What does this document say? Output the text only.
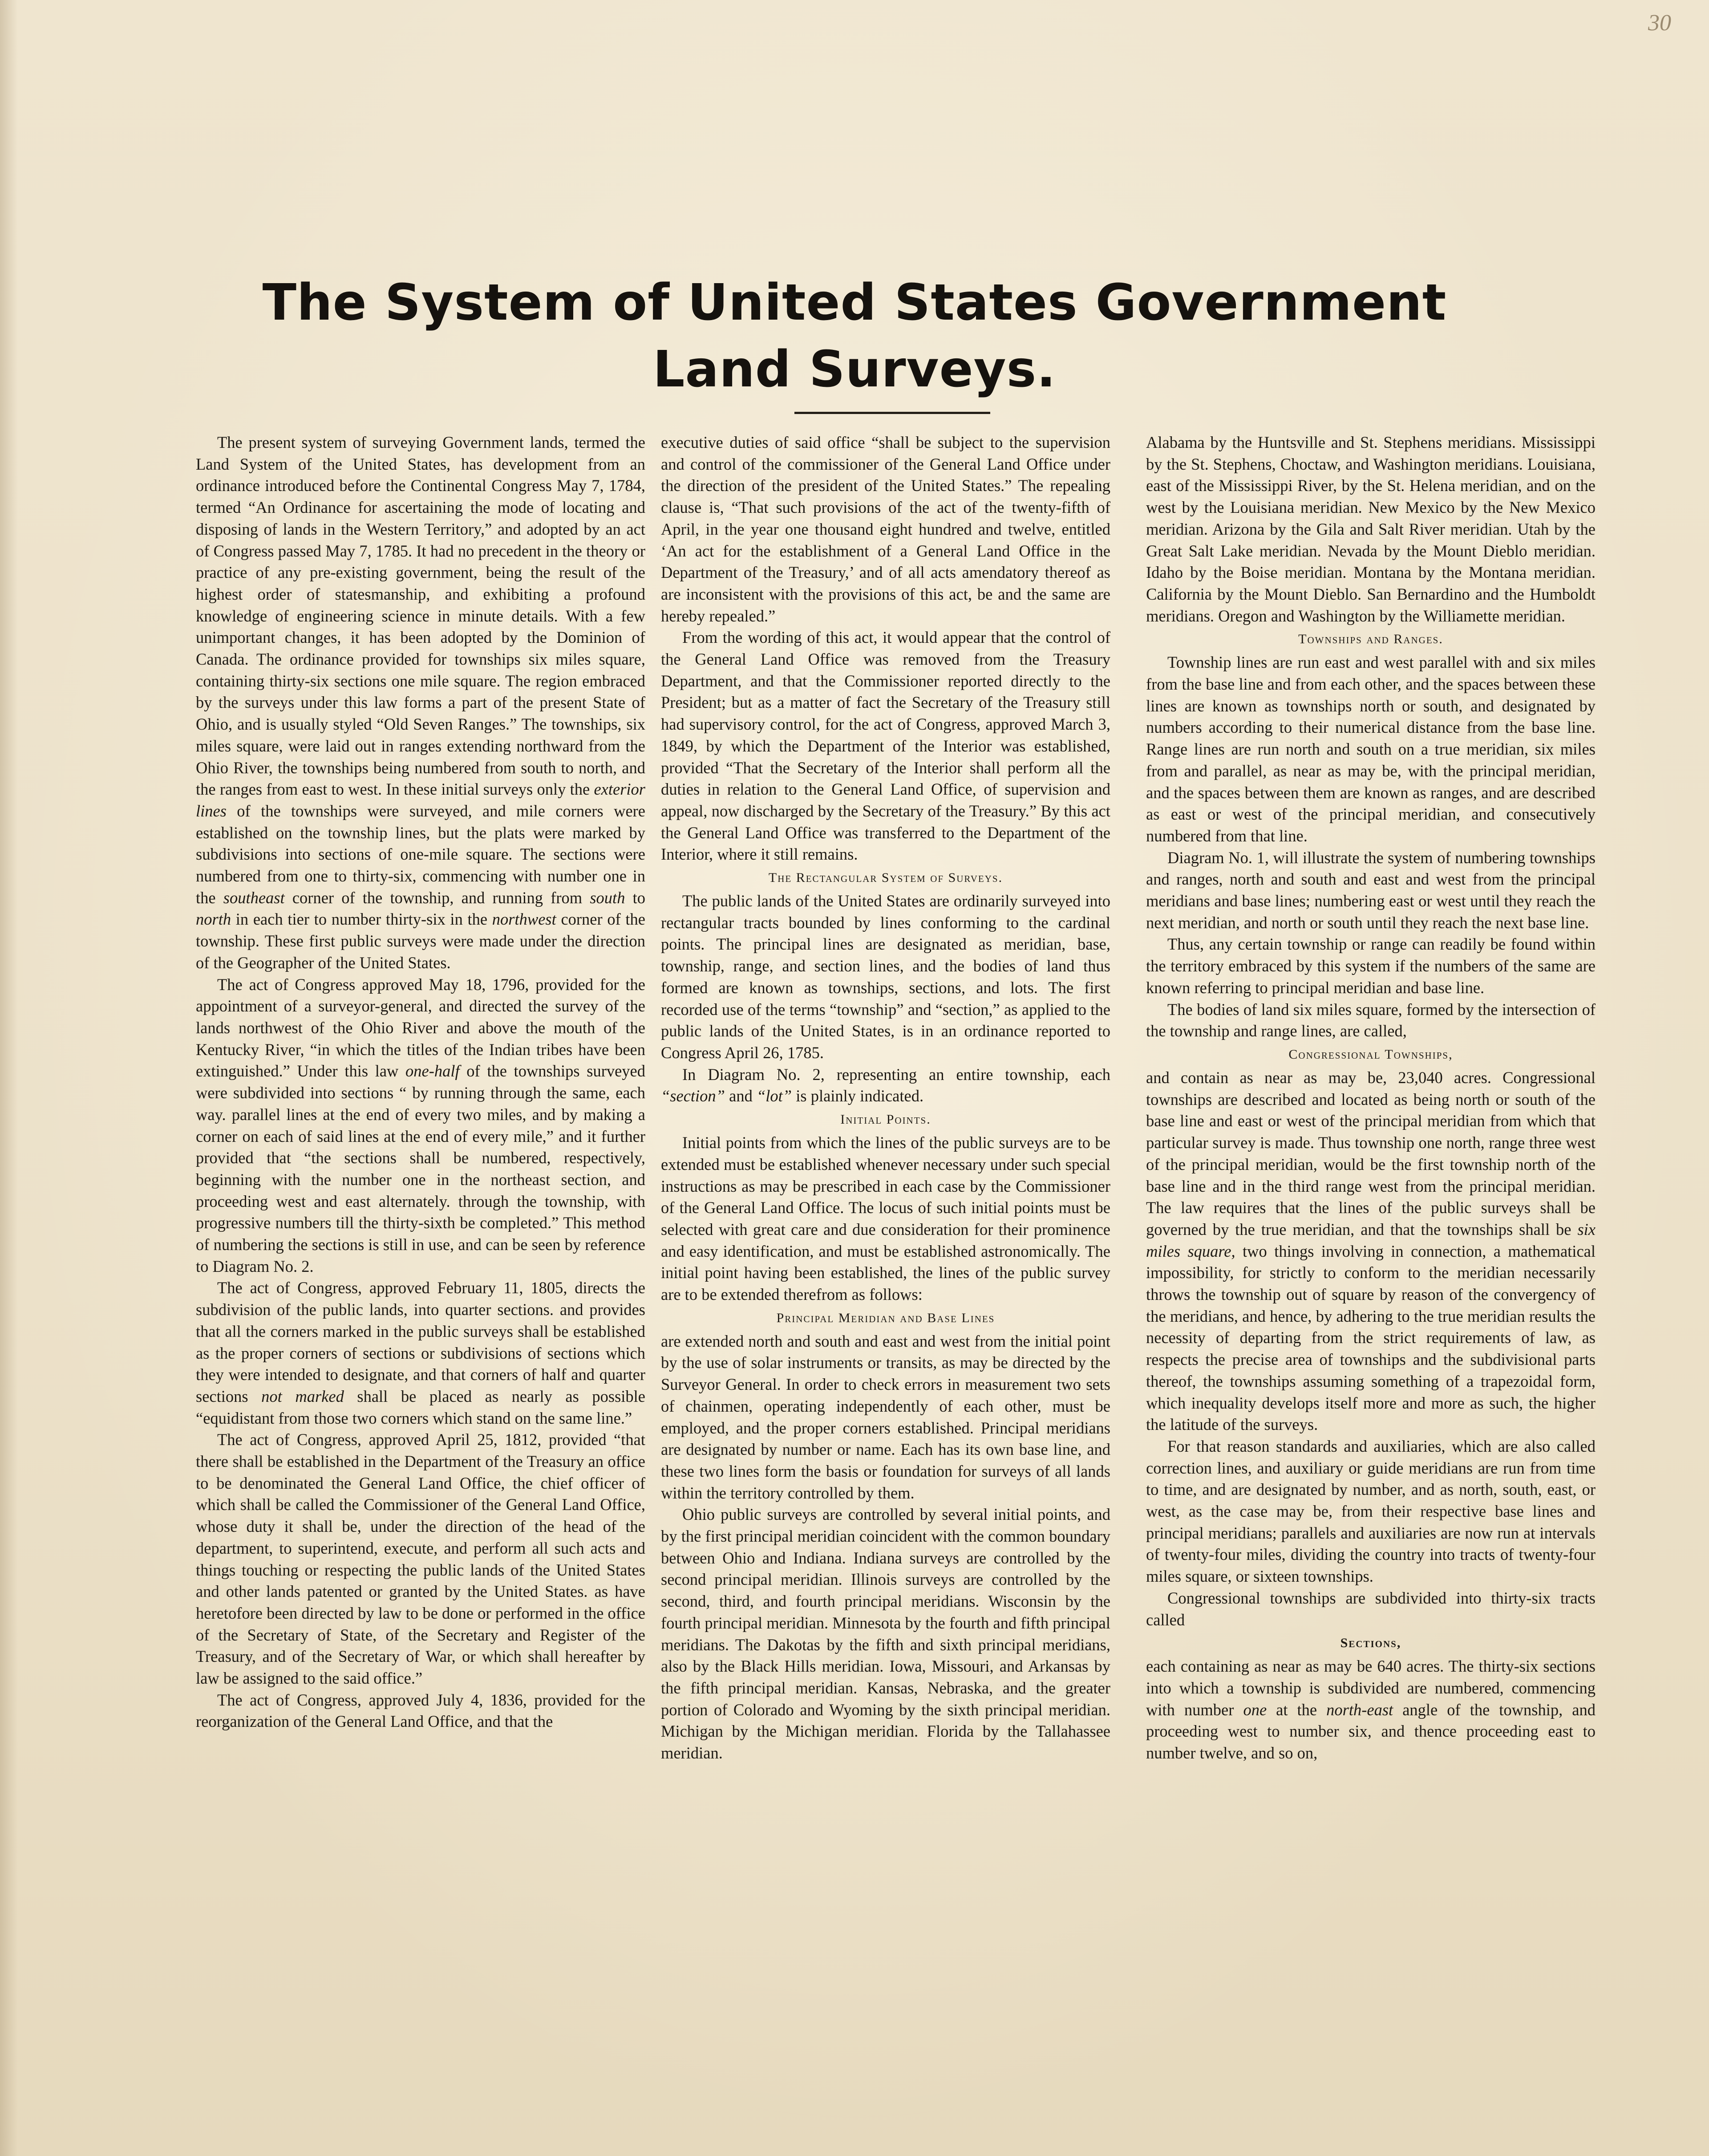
30
The System of United States Government
Land Surveys.

The present system of surveying Government lands, termed the Land System of the United States, has development from an ordinance introduced before the Continental Congress May 7, 1784, termed “An Ordinance for ascertaining the mode of locating and disposing of lands in the Western Territory,” and adopted by an act of Congress passed May 7, 1785. It had no precedent in the theory or practice of any pre-existing government, being the result of the highest order of statesmanship, and exhibiting a profound knowledge of engineering science in minute details. With a few unimportant changes, it has been adopted by the Dominion of Canada. The ordinance provided for townships six miles square, containing thirty-six sections one mile square. The region embraced by the surveys under this law forms a part of the present State of Ohio, and is usually styled “Old Seven Ranges.” The townships, six miles square, were laid out in ranges extending northward from the Ohio River, the townships being numbered from south to north, and the ranges from east to west. In these initial surveys only the exterior lines of the townships were surveyed, and mile corners were established on the township lines, but the plats were marked by subdivisions into sections of one-mile square. The sections were numbered from one to thirty-six, commencing with number one in the southeast corner of the township, and running from south to north in each tier to number thirty-six in the northwest corner of the township. These first public surveys were made under the direction of the Geographer of the United States.

The act of Congress approved May 18, 1796, provided for the appointment of a surveyor-general, and directed the survey of the lands northwest of the Ohio River and above the mouth of the Kentucky River, “in which the titles of the Indian tribes have been extinguished.” Under this law one-half of the townships surveyed were subdivided into sections “ by running through the same, each way. parallel lines at the end of every two miles, and by making a corner on each of said lines at the end of every mile,” and it further provided that “the sections shall be numbered, respectively, beginning with the number one in the northeast section, and proceeding west and east alternately. through the township, with progressive numbers till the thirty-sixth be completed.” This method of numbering the sections is still in use, and can be seen by reference to Diagram No. 2.

The act of Congress, approved February 11, 1805, directs the subdivision of the public lands, into quarter sections. and provides that all the corners marked in the public surveys shall be established as the proper corners of sections or subdivisions of sections which they were intended to designate, and that corners of half and quarter sections not marked shall be placed as nearly as possible “equidistant from those two corners which stand on the same line.”

The act of Congress, approved April 25, 1812, provided “that there shall be established in the Department of the Treasury an office to be denominated the General Land Office, the chief officer of which shall be called the Commissioner of the General Land Office, whose duty it shall be, under the direction of the head of the department, to superintend, execute, and perform all such acts and things touching or respecting the public lands of the United States and other lands patented or granted by the United States. as have heretofore been directed by law to be done or performed in the office of the Secretary of State, of the Secretary and Register of the Treasury, and of the Secretary of War, or which shall hereafter by law be assigned to the said office.”

The act of Congress, approved July 4, 1836, provided for the reorganization of the General Land Office, and that the

executive duties of said office “shall be subject to the supervision and control of the commissioner of the General Land Office under the direction of the president of the United States.” The repealing clause is, “That such provisions of the act of the twenty-fifth of April, in the year one thousand eight hundred and twelve, entitled ‘An act for the establishment of a General Land Office in the Department of the Treasury,’ and of all acts amendatory thereof as are inconsistent with the provisions of this act, be and the same are hereby repealed.”

From the wording of this act, it would appear that the control of the General Land Office was removed from the Treasury Department, and that the Commissioner reported directly to the President; but as a matter of fact the Secretary of the Treasury still had supervisory control, for the act of Congress, approved March 3, 1849, by which the Department of the Interior was established, provided “That the Secretary of the Interior shall perform all the duties in relation to the General Land Office, of supervision and appeal, now discharged by the Secretary of the Treasury.” By this act the General Land Office was transferred to the Department of the Interior, where it still remains.

The Rectangular System of Surveys.

The public lands of the United States are ordinarily surveyed into rectangular tracts bounded by lines conforming to the cardinal points. The principal lines are designated as meridian, base, township, range, and section lines, and the bodies of land thus formed are known as townships, sections, and lots. The first recorded use of the terms “township” and “section,” as applied to the public lands of the United States, is in an ordinance reported to Congress April 26, 1785.

In Diagram No. 2, representing an entire township, each “section” and “lot” is plainly indicated.

Initial Points.

Initial points from which the lines of the public surveys are to be extended must be established whenever necessary under such special instructions as may be prescribed in each case by the Commissioner of the General Land Office. The locus of such initial points must be selected with great care and due consideration for their prominence and easy identification, and must be established astronomically. The initial point having been established, the lines of the public survey are to be extended therefrom as follows:

Principal Meridian and Base Lines

are extended north and south and east and west from the initial point by the use of solar instruments or transits, as may be directed by the Surveyor General. In order to check errors in measurement two sets of chainmen, operating independently of each other, must be employed, and the proper corners established. Principal meridians are designated by number or name. Each has its own base line, and these two lines form the basis or foundation for surveys of all lands within the territory controlled by them.

Ohio public surveys are controlled by several initial points, and by the first principal meridian coincident with the common boundary between Ohio and Indiana. Indiana surveys are controlled by the second principal meridian. Illinois surveys are controlled by the second, third, and fourth principal meridians. Wisconsin by the fourth principal meridian. Minnesota by the fourth and fifth principal meridians. The Dakotas by the fifth and sixth principal meridians, also by the Black Hills meridian. Iowa, Missouri, and Arkansas by the fifth principal meridian. Kansas, Nebraska, and the greater portion of Colorado and Wyoming by the sixth principal meridian. Michigan by the Michigan meridian. Florida by the Tallahassee meridian.

Alabama by the Huntsville and St. Stephens meridians. Mississippi by the St. Stephens, Choctaw, and Washington meridians. Louisiana, east of the Mississippi River, by the St. Helena meridian, and on the west by the Louisiana meridian. New Mexico by the New Mexico meridian. Arizona by the Gila and Salt River meridian. Utah by the Great Salt Lake meridian. Nevada by the Mount Dieblo meridian. Idaho by the Boise meridian. Montana by the Montana meridian. California by the Mount Dieblo. San Bernardino and the Humboldt meridians. Oregon and Washington by the Williamette meridian.

Townships and Ranges.

Township lines are run east and west parallel with and six miles from the base line and from each other, and the spaces between these lines are known as townships north or south, and designated by numbers according to their numerical distance from the base line. Range lines are run north and south on a true meridian, six miles from and parallel, as near as may be, with the principal meridian, and the spaces between them are known as ranges, and are described as east or west of the principal meridian, and consecutively numbered from that line.

Diagram No. 1, will illustrate the system of numbering townships and ranges, north and south and east and west from the principal meridians and base lines; numbering east or west until they reach the next meridian, and north or south until they reach the next base line.

Thus, any certain township or range can readily be found within the territory embraced by this system if the numbers of the same are known referring to principal meridian and base line.

The bodies of land six miles square, formed by the intersection of the township and range lines, are called,

Congressional Townships,

and contain as near as may be, 23,040 acres. Congressional townships are described and located as being north or south of the base line and east or west of the principal meridian from which that particular survey is made. Thus township one north, range three west of the principal meridian, would be the first township north of the base line and in the third range west from the principal meridian. The law requires that the lines of the public surveys shall be governed by the true meridian, and that the townships shall be six miles square, two things involving in connection, a mathematical impossibility, for strictly to conform to the meridian necessarily throws the township out of square by reason of the convergency of the meridians, and hence, by adhering to the true meridian results the necessity of departing from the strict requirements of law, as respects the precise area of townships and the subdivisional parts thereof, the townships assuming something of a trapezoidal form, which inequality develops itself more and more as such, the higher the latitude of the surveys.

For that reason standards and auxiliaries, which are also called correction lines, and auxiliary or guide meridians are run from time to time, and are designated by number, and as north, south, east, or west, as the case may be, from their respective base lines and principal meridians; parallels and auxiliaries are now run at intervals of twenty-four miles, dividing the country into tracts of twenty-four miles square, or sixteen townships.

Congressional townships are subdivided into thirty-six tracts called

Sections,

each containing as near as may be 640 acres. The thirty-six sections into which a township is subdivided are numbered, commencing with number one at the north-east angle of the township, and proceeding west to number six, and thence proceeding east to number twelve, and so on,
